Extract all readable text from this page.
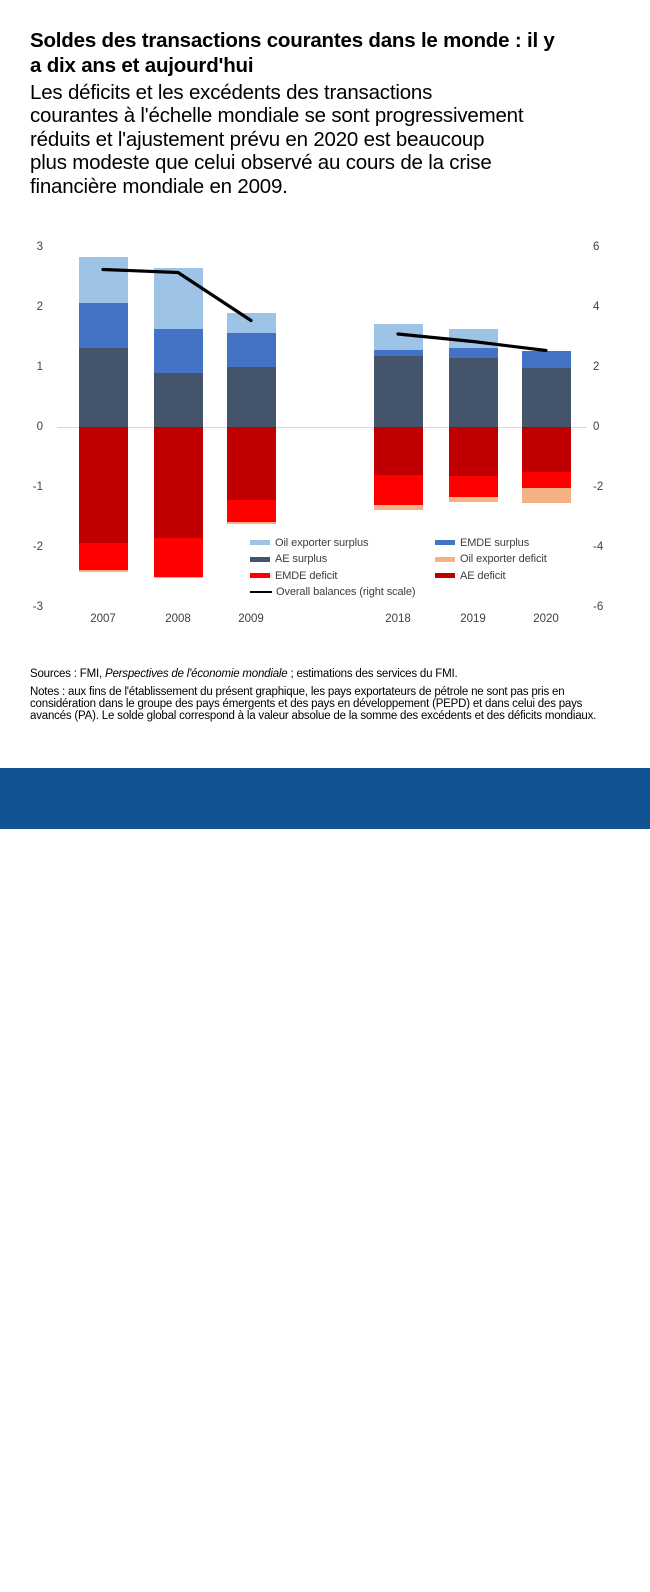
Soldes des transactions courantes dans le monde : il y
a dix ans et aujourd'hui
Les déficits et les excédents des transactions
courantes à l'échelle mondiale se sont progressivement
réduits et l'ajustement prévu en 2020 est beaucoup
plus modeste que celui observé au cours de la crise
financière mondiale en 2009.
3
2
1
0
-1
-2
-3
6
4
2
0
-2
-4
-6
2007	2008	2009	2018	2019	2020
Oil exporter surplus
AE surplus
EMDE deficit
Overall balances (right scale)
EMDE surplus
Oil exporter deficit
AE deficit

Sources : FMI, Perspectives de l'économie mondiale ; estimations des services du FMI.

Notes : aux fins de l'établissement du présent graphique, les pays exportateurs de pétrole ne sont pas pris en
considération dans le groupe des pays émergents et des pays en développement (PEPD) et dans celui des pays
avancés (PA). Le solde global correspond à la valeur absolue de la somme des excédents et des déficits mondiaux.
FONDS MONÉTAIRE
INTERNATIONAL
